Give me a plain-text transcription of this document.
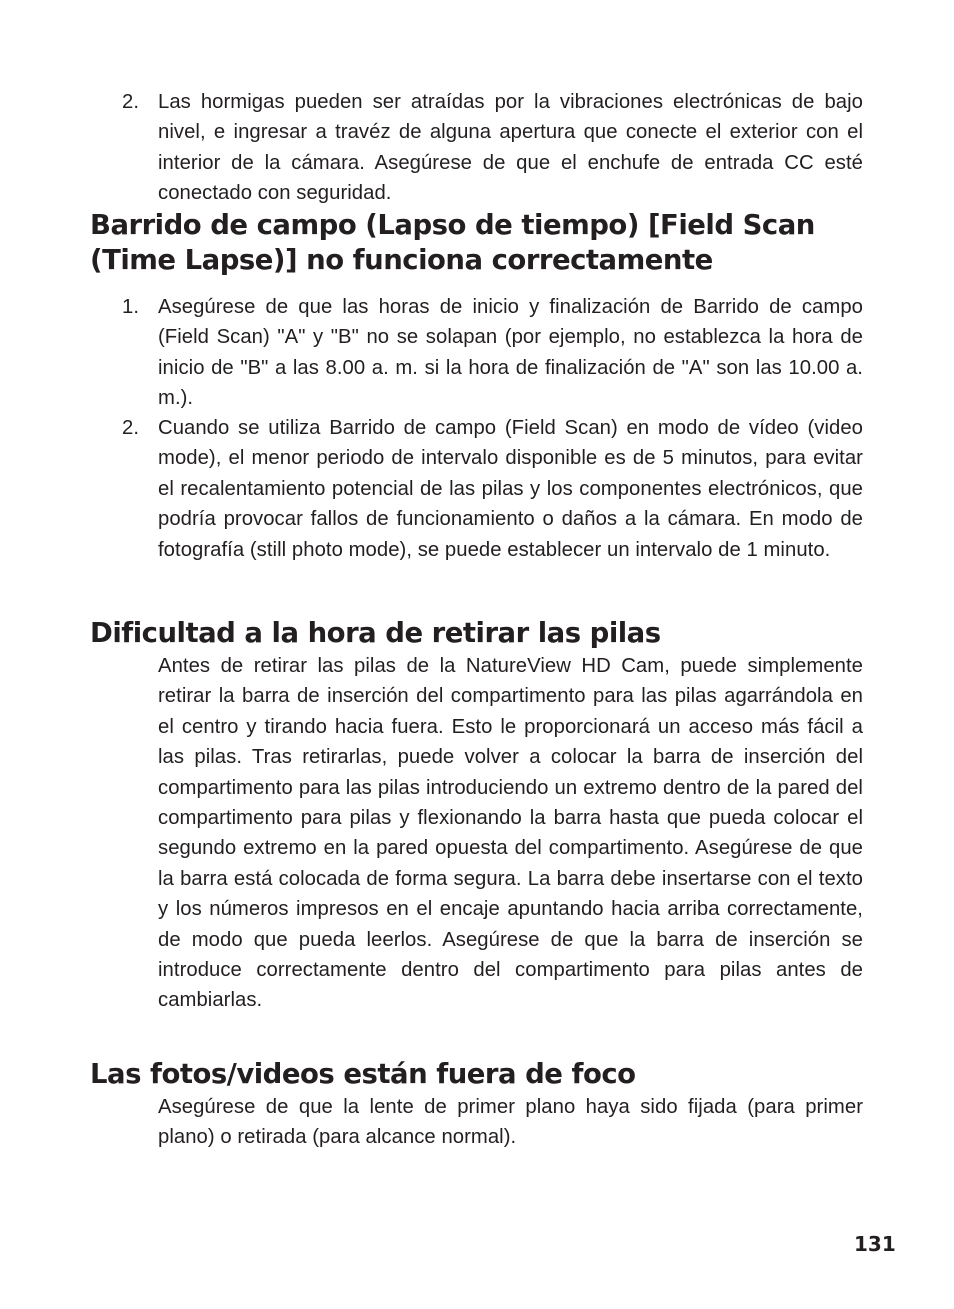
2. Las hormigas pueden ser atraídas por la vibraciones electrónicas de bajo nivel, e ingresar a travéz de alguna apertura que conecte el exterior con el interior de la cámara. Asegúrese de que el enchufe de entrada CC esté conectado con seguridad.
Barrido de campo (Lapso de tiempo) [Field Scan (Time Lapse)] no funciona correctamente
1. Asegúrese de que las horas de inicio y finalización de Barrido de campo (Field Scan) "A" y "B" no se solapan (por ejemplo, no establezca la hora de inicio de "B" a las 8.00 a. m. si la hora de finalización de "A" son las 10.00 a. m.).
2. Cuando se utiliza Barrido de campo (Field Scan) en modo de vídeo (video mode), el menor periodo de intervalo disponible es de 5 minutos, para evitar el recalentamiento potencial de las pilas y los componentes electrónicos, que podría provocar fallos de funcionamiento o daños a la cámara. En modo de fotografía (still photo mode), se puede establecer un intervalo de 1 minuto.
Dificultad a la hora de retirar las pilas
Antes de retirar las pilas de la NatureView HD Cam, puede simplemente retirar la barra de inserción del compartimento para las pilas agarrándola en el centro y tirando hacia fuera. Esto le proporcionará un acceso más fácil a las pilas. Tras retirarlas, puede volver a colocar la barra de inserción del compartimento para las pilas introduciendo un extremo dentro de la pared del compartimento para pilas y flexionando la barra hasta que pueda colocar el segundo extremo en la pared opuesta del compartimento. Asegúrese de que la barra está colocada de forma segura. La barra debe insertarse con el texto y los números impresos en el encaje apuntando hacia arriba correctamente, de modo que pueda leerlos. Asegúrese de que la barra de inserción se introduce correctamente dentro del compartimento para pilas antes de cambiarlas.
Las fotos/videos están fuera de foco
Asegúrese de que la lente de primer plano haya sido fijada (para primer plano) o retirada (para alcance normal).
131
